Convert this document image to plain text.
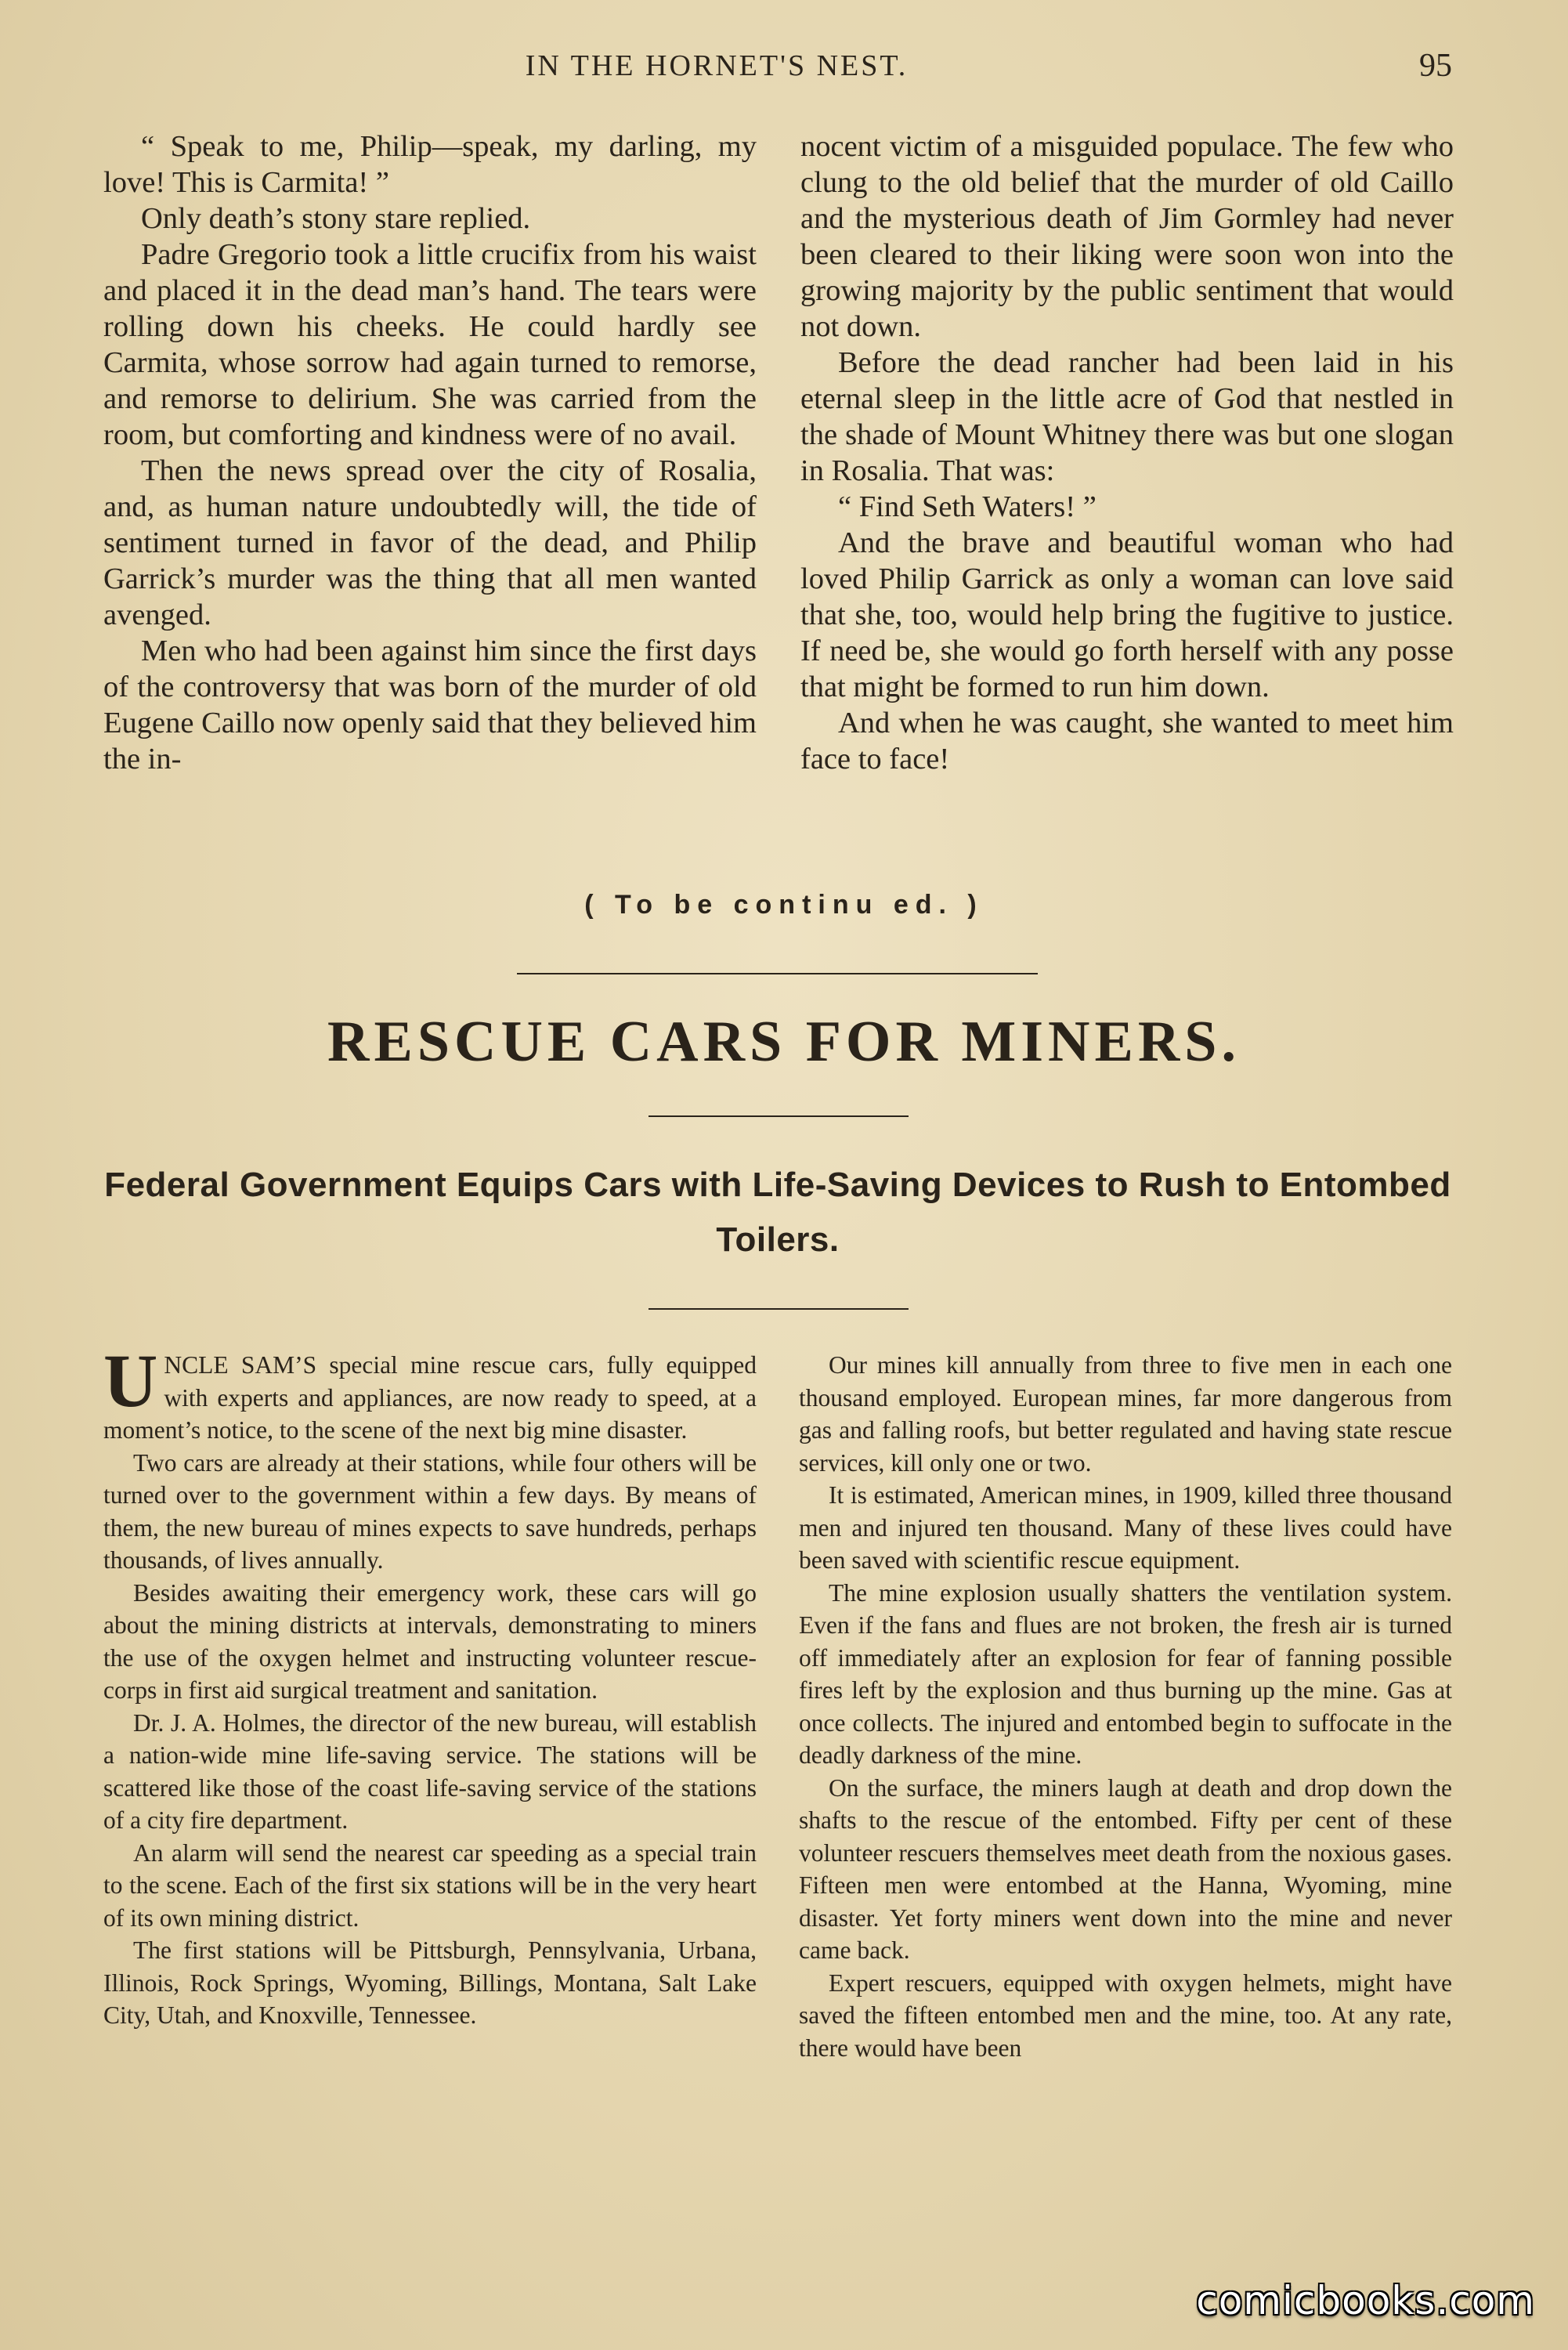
IN THE HORNET'S NEST.	95

“ Speak to me, Philip—speak, my darling, my love! This is Carmita! ”

Only death’s stony stare replied.

Padre Gregorio took a little crucifix from his waist and placed it in the dead man’s hand. The tears were rolling down his cheeks. He could hardly see Carmita, whose sorrow had again turned to remorse, and remorse to delirium. She was carried from the room, but comforting and kindness were of no avail.

Then the news spread over the city of Rosalia, and, as human nature undoubtedly will, the tide of sentiment turned in favor of the dead, and Philip Garrick’s murder was the thing that all men wanted avenged.

Men who had been against him since the first days of the controversy that was born of the murder of old Eugene Caillo now openly said that they believed him the in-

nocent victim of a misguided populace. The few who clung to the old belief that the murder of old Caillo and the mysterious death of Jim Gormley had never been cleared to their liking were soon won into the growing majority by the public sentiment that would not down.

Before the dead rancher had been laid in his eternal sleep in the little acre of God that nestled in the shade of Mount Whitney there was but one slogan in Rosalia. That was:

“ Find Seth Waters! ”

And the brave and beautiful woman who had loved Philip Garrick as only a woman can love said that she, too, would help bring the fugitive to justice. If need be, she would go forth herself with any posse that might be formed to run him down.

And when he was caught, she wanted to meet him face to face!

( To be continu ed. )
RESCUE CARS FOR MINERS.
Federal Government Equips Cars with Life-Saving Devices to Rush to Entombed Toilers.

UNCLE SAM’S special mine rescue cars, fully equipped with experts and appliances, are now ready to speed, at a moment’s notice, to the scene of the next big mine disaster.

Two cars are already at their stations, while four others will be turned over to the government within a few days. By means of them, the new bureau of mines expects to save hundreds, perhaps thousands, of lives annually.

Besides awaiting their emergency work, these cars will go about the mining districts at intervals, demonstrating to miners the use of the oxygen helmet and instructing volunteer rescue-corps in first aid surgical treatment and sanitation.

Dr. J. A. Holmes, the director of the new bureau, will establish a nation-wide mine life-saving service. The stations will be scattered like those of the coast life-saving service of the stations of a city fire department.

An alarm will send the nearest car speeding as a special train to the scene. Each of the first six stations will be in the very heart of its own mining district.

The first stations will be Pittsburgh, Pennsylvania, Urbana, Illinois, Rock Springs, Wyoming, Billings, Montana, Salt Lake City, Utah, and Knoxville, Tennessee.

Our mines kill annually from three to five men in each one thousand employed. European mines, far more dangerous from gas and falling roofs, but better regulated and having state rescue services, kill only one or two.

It is estimated, American mines, in 1909, killed three thousand men and injured ten thousand. Many of these lives could have been saved with scientific rescue equipment.

The mine explosion usually shatters the ventilation system. Even if the fans and flues are not broken, the fresh air is turned off immediately after an explosion for fear of fanning possible fires left by the explosion and thus burning up the mine. Gas at once collects. The injured and entombed begin to suffocate in the deadly darkness of the mine.

On the surface, the miners laugh at death and drop down the shafts to the rescue of the entombed. Fifty per cent of these volunteer rescuers themselves meet death from the noxious gases. Fifteen men were entombed at the Hanna, Wyoming, mine disaster. Yet forty miners went down into the mine and never came back.

Expert rescuers, equipped with oxygen helmets, might have saved the fifteen entombed men and the mine, too. At any rate, there would have been

comicbooks.com
